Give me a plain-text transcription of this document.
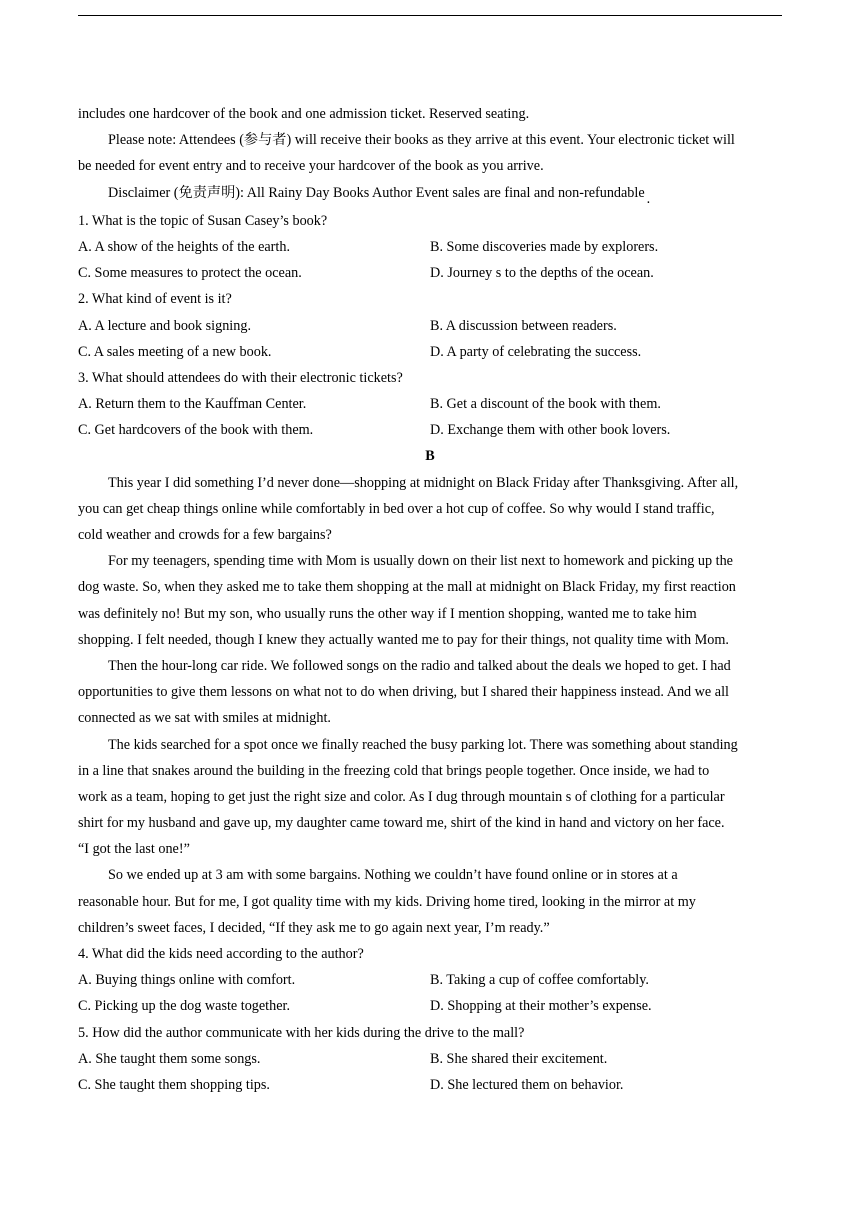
includes one hardcover of the book and one admission ticket. Reserved seating.

Please note: Attendees (参与者) will receive their books as they arrive at this event. Your electronic ticket will

be needed for event entry and to receive your hardcover of the book as you arrive.

Disclaimer (免责声明): All Rainy Day Books Author Event sales are final and non-refundable .

1. What is the topic of Susan Casey’s book?

A. A show of the heights of the earth.	B. Some discoveries made by explorers.
C. Some measures to protect the ocean.	D. Journey s to the depths of the ocean.

2. What kind of event is it?

A. A lecture and book signing.	B. A discussion between readers.
C. A sales meeting of a new book.	D. A party of celebrating the success.

3. What should attendees do with their electronic tickets?

A. Return them to the Kauffman Center.	B. Get a discount of the book with them.
C. Get hardcovers of the book with them.	D. Exchange them with other book lovers.
B

This year I did something I’d never done—shopping at midnight on Black Friday after Thanksgiving. After all,

you can get cheap things online while comfortably in bed over a hot cup of coffee. So why would I stand traffic,

cold weather and crowds for a few bargains?

For my teenagers, spending time with Mom is usually down on their list next to homework and picking up the

dog waste. So, when they asked me to take them shopping at the mall at midnight on Black Friday, my first reaction

was definitely no! But my son, who usually runs the other way if I mention shopping, wanted me to take him

shopping. I felt needed, though I knew they actually wanted me to pay for their things, not quality time with Mom.

Then the hour-long car ride. We followed songs on the radio and talked about the deals we hoped to get. I had

opportunities to give them lessons on what not to do when driving, but I shared their happiness instead. And we all

connected as we sat with smiles at midnight.

The kids searched for a spot once we finally reached the busy parking lot. There was something about standing

in a line that snakes around the building in the freezing cold that brings people together. Once inside, we had to

work as a team, hoping to get just the right size and color. As I dug through mountain s of clothing for a particular

shirt for my husband and gave up, my daughter came toward me, shirt of the kind in hand and victory on her face.

“I got the last one!”

So we ended up at 3 am with some bargains. Nothing we couldn’t have found online or in stores at a

reasonable hour. But for me, I got quality time with my kids. Driving home tired, looking in the mirror at my

children’s sweet faces, I decided, “If they ask me to go again next year, I’m ready.”

4. What did the kids need according to the author?

A. Buying things online with comfort.	B. Taking a cup of coffee comfortably.
C. Picking up the dog waste together.	D. Shopping at their mother’s expense.

5. How did the author communicate with her kids during the drive to the mall?

A. She taught them some songs.	B. She shared their excitement.
C. She taught them shopping tips.	D. She lectured them on behavior.
